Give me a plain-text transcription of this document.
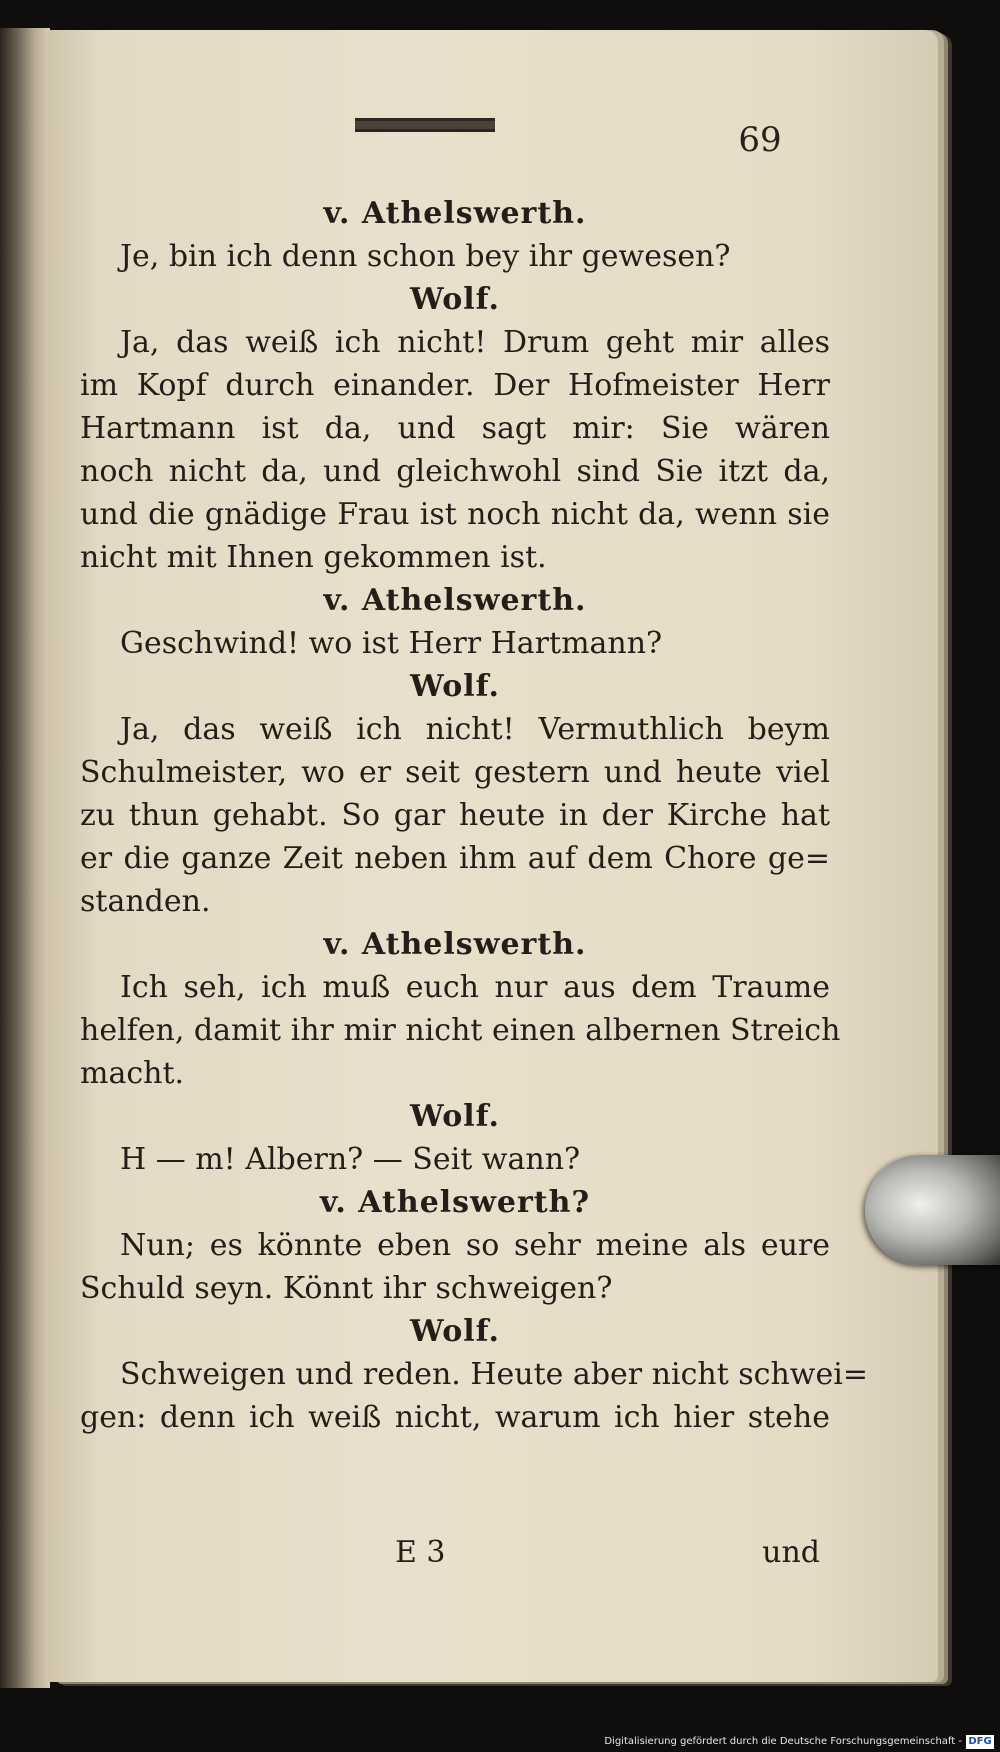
69
v. Athelswerth.
Je, bin ich denn schon bey ihr gewesen?
Wolf.
Ja, das weiß ich nicht! Drum geht mir alles
im Kopf durch einander. Der Hofmeister Herr
Hartmann ist da, und sagt mir: Sie wären
noch nicht da, und gleichwohl sind Sie itzt da,
und die gnädige Frau ist noch nicht da, wenn sie
nicht mit Ihnen gekommen ist.
v. Athelswerth.
Geschwind! wo ist Herr Hartmann?
Wolf.
Ja, das weiß ich nicht! Vermuthlich beym
Schulmeister, wo er seit gestern und heute viel
zu thun gehabt. So gar heute in der Kirche hat
er die ganze Zeit neben ihm auf dem Chore ge=
standen.
v. Athelswerth.
Ich seh, ich muß euch nur aus dem Traume
helfen, damit ihr mir nicht einen albernen Streich
macht.
Wolf.
H — m! Albern? — Seit wann?
v. Athelswerth?
Nun; es könnte eben so sehr meine als eure
Schuld seyn. Könnt ihr schweigen?
Wolf.
Schweigen und reden. Heute aber nicht schwei=
gen: denn ich weiß nicht, warum ich hier stehe
E 3	und
Digitalisierung gefördert durch die Deutsche Forschungsgemeinschaft - DFG
